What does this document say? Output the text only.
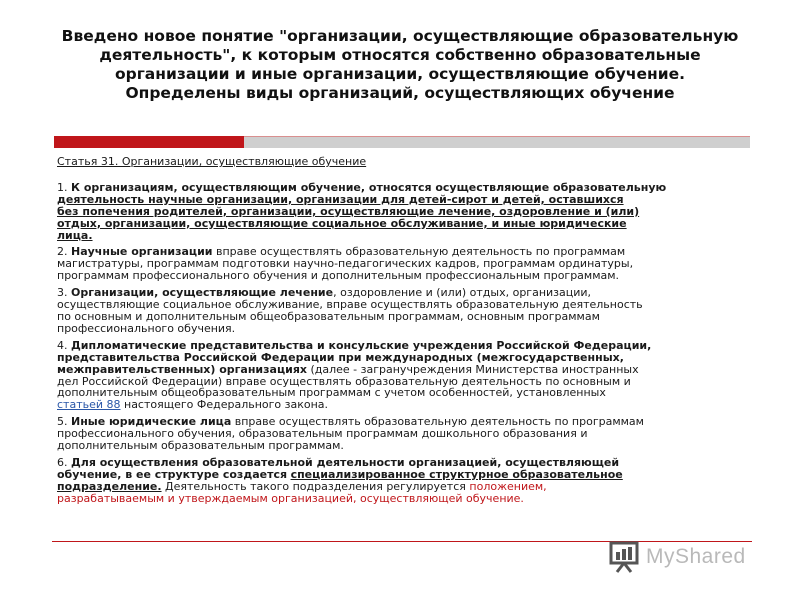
Введено новое понятие "организации, осуществляющие образовательную
деятельность", к которым относятся собственно образовательные
организации и иные организации, осуществляющие обучение.
Определены виды организаций, осуществляющих обучение
Статья 31. Организации, осуществляющие обучение
1. К организациям, осуществляющим обучение, относятся осуществляющие образовательную
деятельность научные организации, организации для детей-сирот и детей, оставшихся
без попечения родителей, организации, осуществляющие лечение, оздоровление и (или)
отдых, организации, осуществляющие социальное обслуживание, и иные юридические
лица.
2. Научные организации вправе осуществлять образовательную деятельность по программам
магистратуры, программам подготовки научно-педагогических кадров, программам ординатуры,
программам профессионального обучения и дополнительным профессиональным программам.
3. Организации, осуществляющие лечение, оздоровление и (или) отдых, организации,
осуществляющие социальное обслуживание, вправе осуществлять образовательную деятельность
по основным и дополнительным общеобразовательным программам, основным программам
профессионального обучения.
4. Дипломатические представительства и консульские учреждения Российской Федерации,
представительства Российской Федерации при международных (межгосударственных,
межправительственных) организациях (далее - загранучреждения Министерства иностранных
дел Российской Федерации) вправе осуществлять образовательную деятельность по основным и
дополнительным общеобразовательным программам с учетом особенностей, установленных
статьей 88 настоящего Федерального закона.
5. Иные юридические лица вправе осуществлять образовательную деятельность по программам
профессионального обучения, образовательным программам дошкольного образования и
дополнительным образовательным программам.
6. Для осуществления образовательной деятельности организацией, осуществляющей
обучение, в ее структуре создается специализированное структурное образовательное
подразделение. Деятельность такого подразделения регулируется положением,
разрабатываемым и утверждаемым организацией, осуществляющей обучение.
MyShared
